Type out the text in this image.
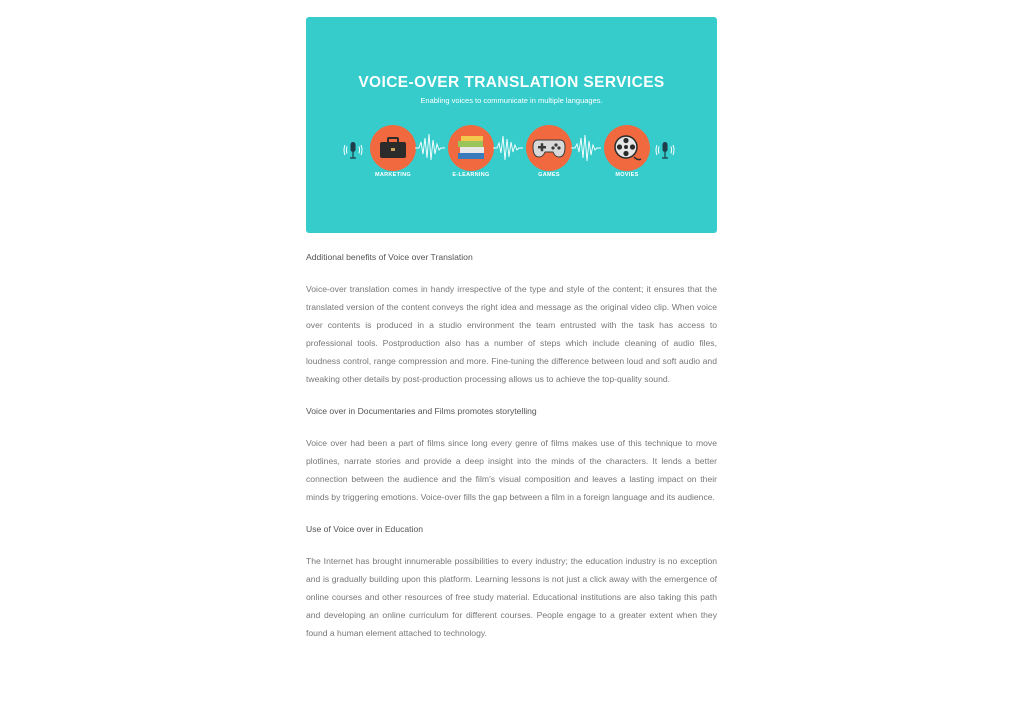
VOICE-OVER TRANSLATION SERVICES
Enabling voices to communicate in multiple languages.
MARKETING	E-LEARNING	GAMES	MOVIES

Additional benefits of Voice over Translation

Voice-over translation comes in handy irrespective of the type and style of the content; it ensures that the translated version of the content conveys the right idea and message as the original video clip. When voice over contents is produced in a studio environment the team entrusted with the task has access to professional tools. Postproduction also has a number of steps which include cleaning of audio files, loudness control, range compression and more. Fine-tuning the difference between loud and soft audio and tweaking other details by post-production processing allows us to achieve the top-quality sound.

Voice over in Documentaries and Films promotes storytelling

Voice over had been a part of films since long every genre of films makes use of this technique to move plotlines, narrate stories and provide a deep insight into the minds of the characters. It lends a better connection between the audience and the film’s visual composition and leaves a lasting impact on their minds by triggering emotions. Voice-over fills the gap between a film in a foreign language and its audience.

Use of Voice over in Education

The Internet has brought innumerable possibilities to every industry; the education industry is no exception and is gradually building upon this platform. Learning lessons is not just a click away with the emergence of online courses and other resources of free study material. Educational institutions are also taking this path and developing an online curriculum for different courses. People engage to a greater extent when they found a human element attached to technology.
